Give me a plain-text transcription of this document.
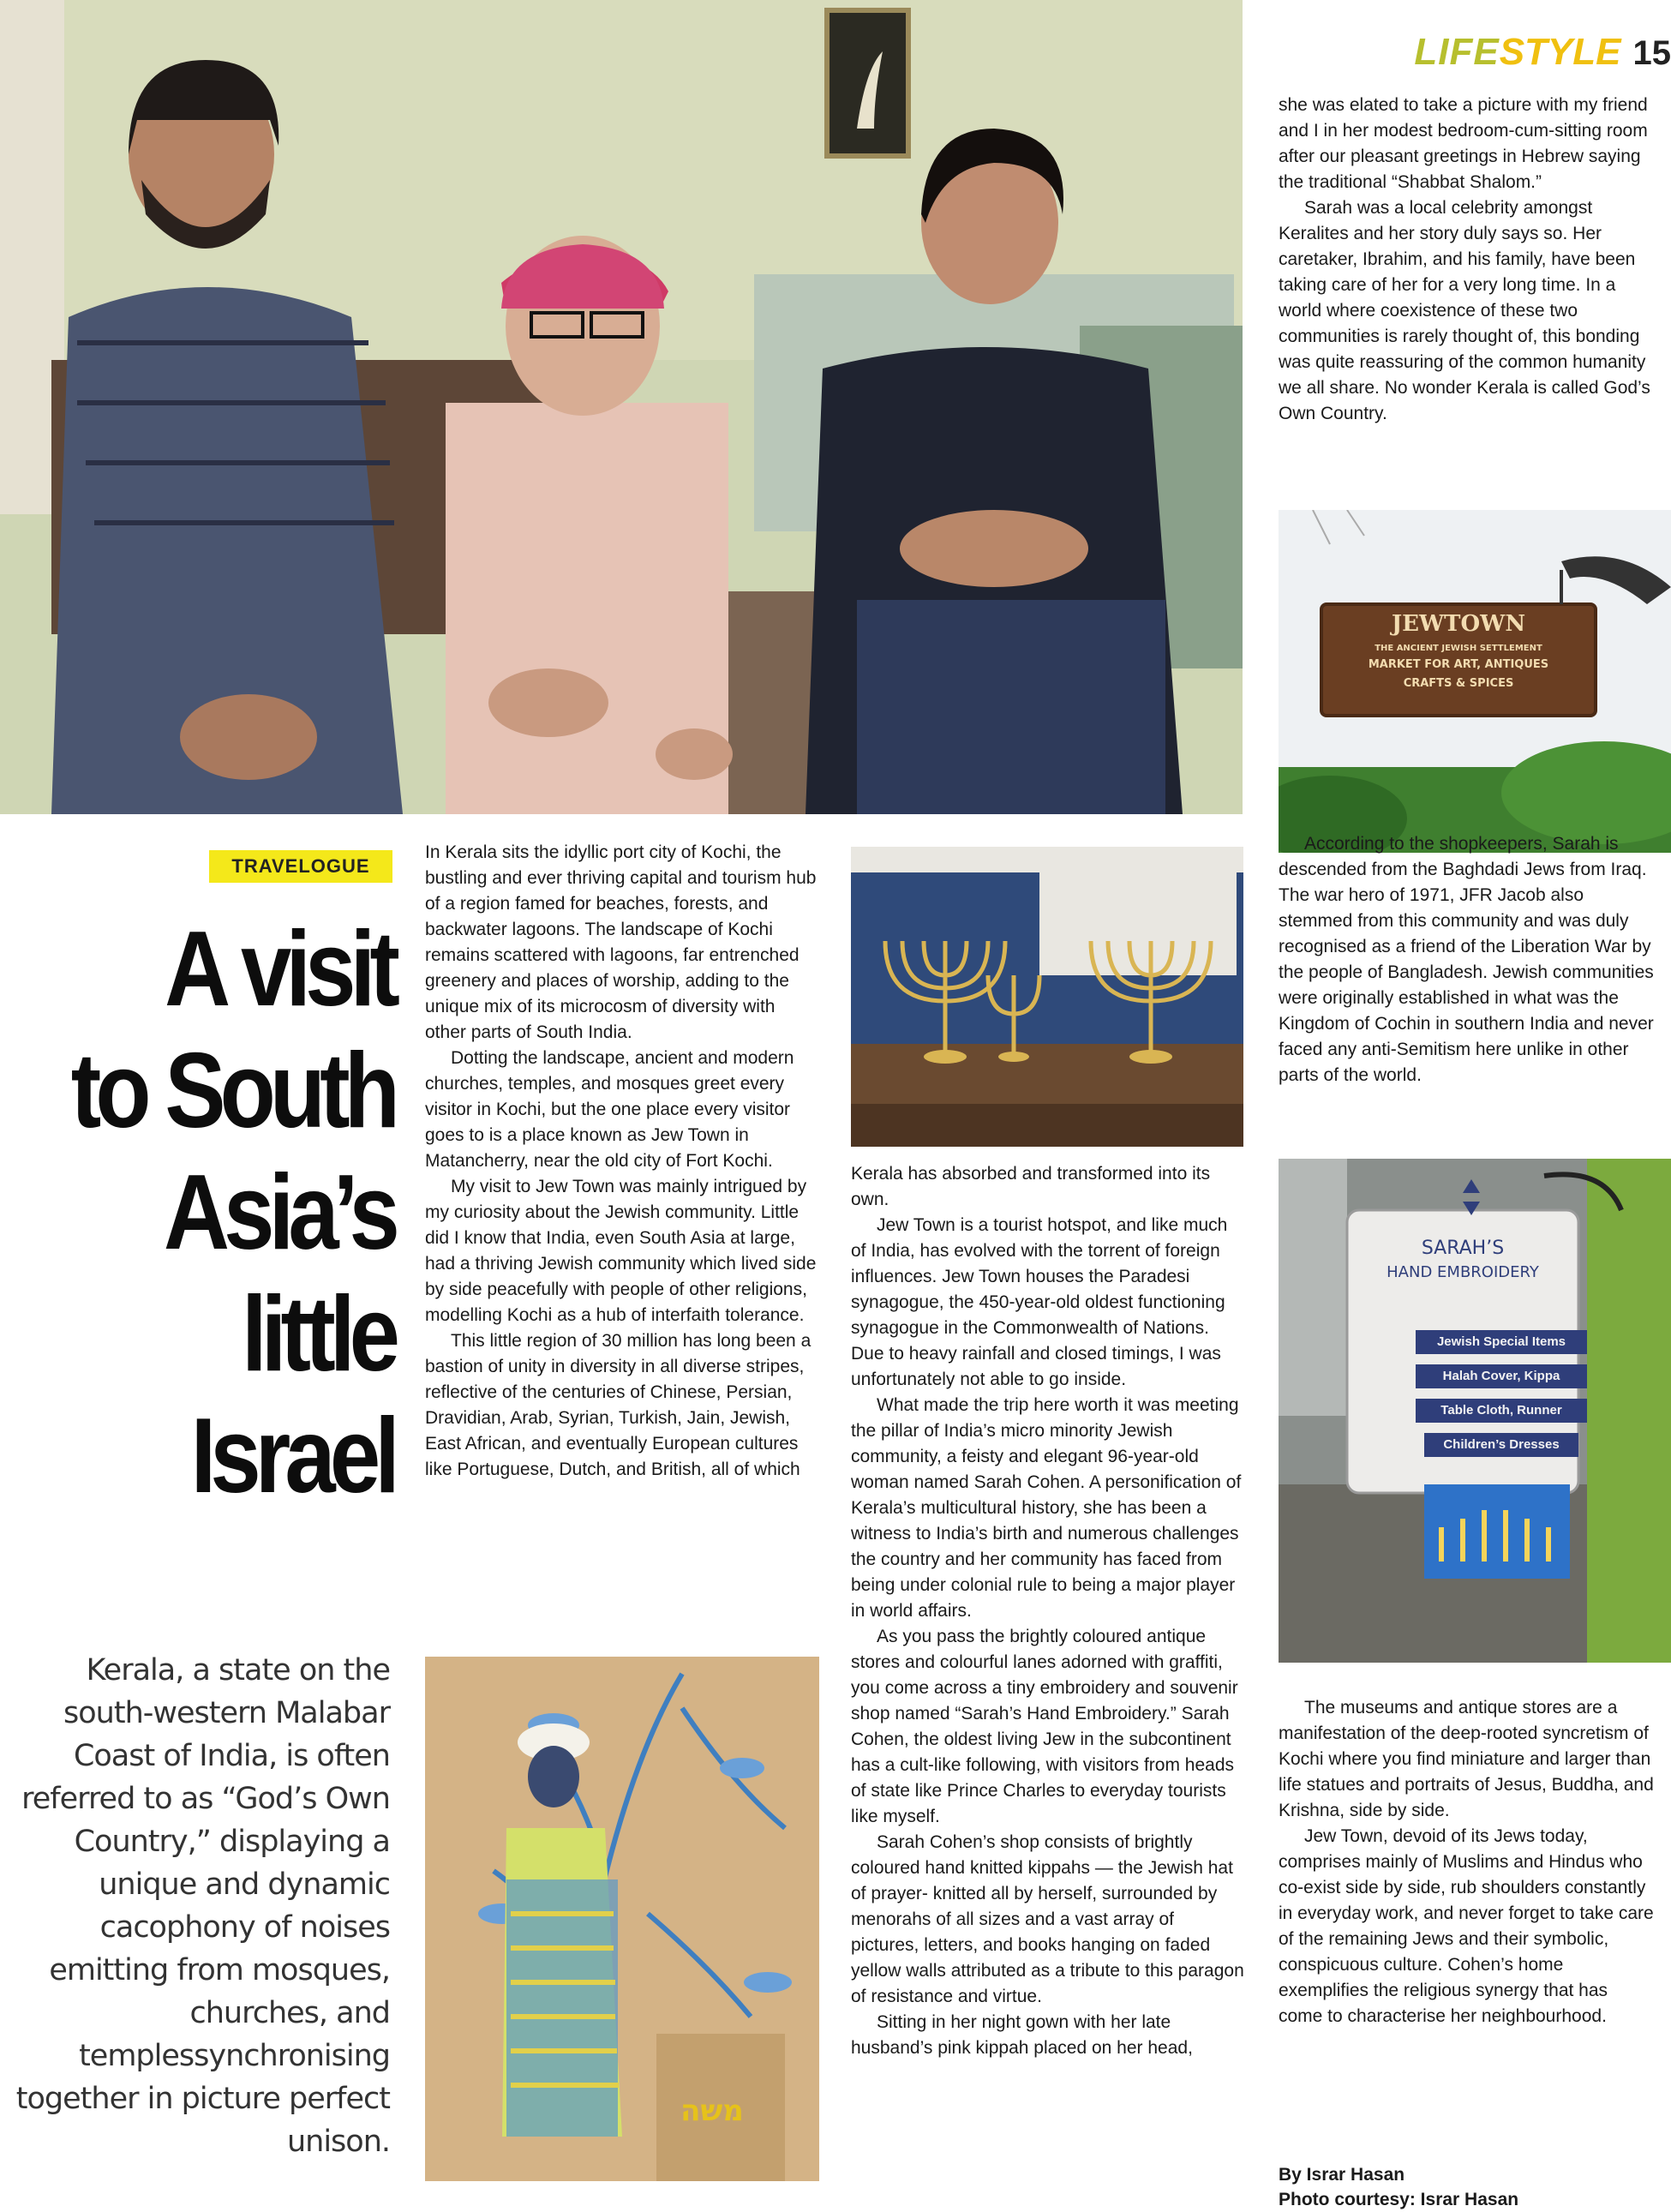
LIFESTYLE 15

she was elated to take a picture with my friend and I in her modest bedroom-cum-sitting room after our pleasant greetings in Hebrew saying the traditional “Shabbat Shalom.”

Sarah was a local celebrity amongst Keralites and her story duly says so. Her caretaker, Ibrahim, and his family, have been taking care of her for a very long time. In a world where coexistence of these two communities is rarely thought of, this bonding was quite reassuring of the common humanity we all share. No wonder Kerala is called God’s Own Country.

JEWTOWN
THE ANCIENT JEWISH SETTLEMENT
MARKET FOR ART, ANTIQUES
CRAFTS & SPICES
TRAVELOGUE
A visit
to South
Asia’s
little
Israel
Kerala, a state on the south-western Malabar Coast of India, is often referred to as “God’s Own Country,” displaying a unique and dynamic cacophony of noises emitting from mosques, churches, and templessynchronising together in picture perfect unison.

In Kerala sits the idyllic port city of Kochi, the bustling and ever thriving capital and tourism hub of a region famed for beaches, forests, and backwater lagoons. The landscape of Kochi remains scattered with lagoons, far entrenched greenery and places of worship, adding to the unique mix of its microcosm of diversity with other parts of South India.

Dotting the landscape, ancient and modern churches, temples, and mosques greet every visitor in Kochi, but the one place every visitor goes to is a place known as Jew Town in Matancherry, near the old city of Fort Kochi.

My visit to Jew Town was mainly intrigued by my curiosity about the Jewish community. Little did I know that India, even South Asia at large, had a thriving Jewish community which lived side by side peacefully with people of other religions, modelling Kochi as a hub of interfaith tolerance.

This little region of 30 million has long been a bastion of unity in diversity in all diverse stripes, reflective of the centuries of Chinese, Persian, Dravidian, Arab, Syrian, Turkish, Jain, Jewish, East African, and eventually European cultures like Portuguese, Dutch, and British, all of which

משה

Kerala has absorbed and transformed into its own.

Jew Town is a tourist hotspot, and like much of India, has evolved with the torrent of foreign influences. Jew Town houses the Paradesi synagogue, the 450-year-old oldest functioning synagogue in the Commonwealth of Nations. Due to heavy rainfall and closed timings, I was unfortunately not able to go inside.

What made the trip here worth it was meeting the pillar of India’s micro minority Jewish community, a feisty and elegant 96-year-old woman named Sarah Cohen. A personification of Kerala’s multicultural history, she has been a witness to India’s birth and numerous challenges the country and her community has faced from being under colonial rule to being a major player in world affairs.

As you pass the brightly coloured antique stores and colourful lanes adorned with graffiti, you come across a tiny embroidery and souvenir shop named “Sarah’s Hand Embroidery.” Sarah Cohen, the oldest living Jew in the subcontinent has a cult-like following, with visitors from heads of state like Prince Charles to everyday tourists like myself.

Sarah Cohen’s shop consists of brightly coloured hand knitted kippahs — the Jewish hat of prayer- knitted all by herself, surrounded by menorahs of all sizes and a vast array of pictures, letters, and books hanging on faded yellow walls attributed as a tribute to this paragon of resistance and virtue.

Sitting in her night gown with her late husband’s pink kippah placed on her head,

According to the shopkeepers, Sarah is descended from the Baghdadi Jews from Iraq. The war hero of 1971, JFR Jacob also stemmed from this community and was duly recognised as a friend of the Liberation War by the people of Bangladesh. Jewish communities were originally established in what was the Kingdom of Cochin in southern India and never faced any anti-Semitism here unlike in other parts of the world.

SARAH’S
HAND EMBROIDERY
Jewish Special Items
Halah Cover, Kippa
Table Cloth, Runner
Children’s Dresses

The museums and antique stores are a manifestation of the deep-rooted syncretism of Kochi where you find miniature and larger than life statues and portraits of Jesus, Buddha, and Krishna, side by side.

Jew Town, devoid of its Jews today, comprises mainly of Muslims and Hindus who co-exist side by side, rub shoulders constantly in everyday work, and never forget to take care of the remaining Jews and their symbolic, conspicuous culture. Cohen’s home exemplifies the religious synergy that has come to characterise her neighbourhood.

By Israr Hasan
Photo courtesy: Israr Hasan
